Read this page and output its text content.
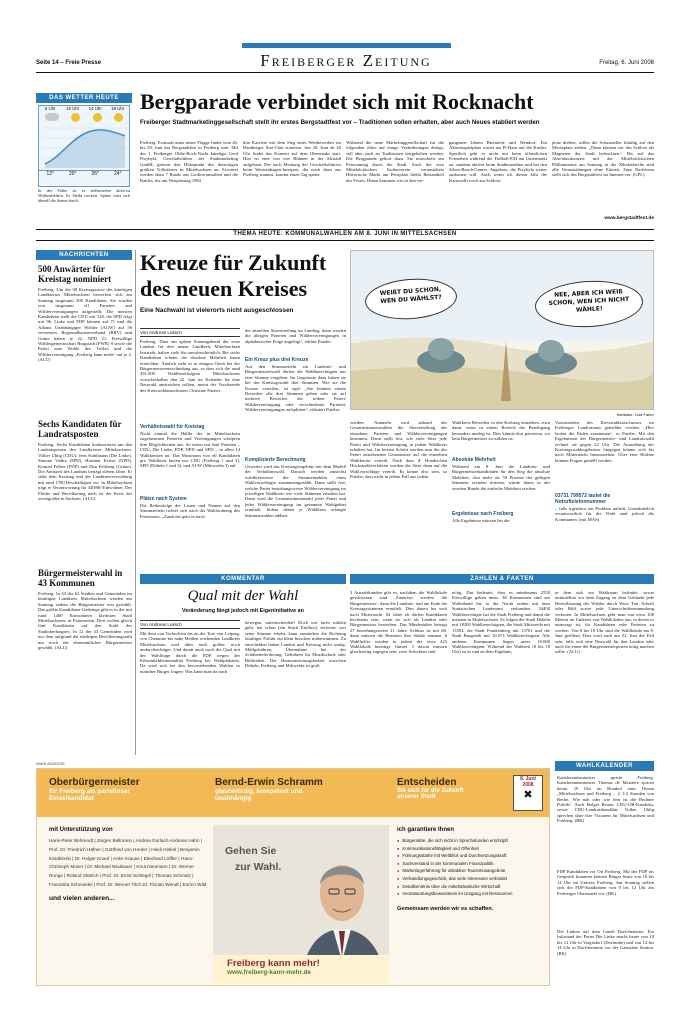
Seite 14 – Freie Presse	Freiberger Zeitung	Freitag, 6. Juni 2008
DAS WETTER HEUTE
6 Uhr	10 Uhr	14 Uhr	18 Uhr
12°	20°	26°	24°
In der Frühe ist es stellenweise dicht-zu Wolkenfeldern. Es bleibt trocken. Später setzt sich überall die Sonne durch.
Bergparade verbindet sich mit Rocknacht
Freiberger Stadtmarketinggesellschaft stellt ihr erstes Bergstadtfest vor – Traditionen sollen erhalten, aber auch Neues etabliert werden
Freiberg. Erstmals unter neuer Flagge findet vom 26. bis 29. Juni das Bergstadtfest in Freiberg statt. Mit der 1. Freiberger Oldie-Rock-Nacht kündigte Gerd Przybyla, Geschäftsführer der Stadtmarketing GmbH, gestern den Höhepunkt des derzeitigen größten Volksfestes in Mittelsachsen an. Erwartet werden dazu 7 Bands aus Großveranstalten und die Rattles, die am Neujahrstag 1963
ihre Karriere mit dem Sieg eines Wettbewerbes im Hamburger Star-Club starteten. Am 28. Juni ab 20 Uhr findet das Konzert auf dem Obermarkt statt. Hier ist eine von vier Bühnen in der Altstadt aufgebaut. Der nach Meinung des Geschäftsführers beim Westernhagen-Interpret, der noch dazu aus Freiberg stammt, kommt einen Tag später.
Während die neue Marketinggesellschaft für die folgenden Jahre auf einige Veränderungen drängt, soll aber auch an Traditionen festgehalten werden. Die Bergparade gehort dazu. Sie marschiert am Festsonntag durch die Stadt. Auch der vom Mittelalchischen Kulturverein veranstaltete Historische Markt am Petriplatz bleibt Bestandteil des Festes. Hinzu kommen wie in den ver-
gangenen Jahren Biermeile und Wendort. Ein Aktionsspielplatz wartet am Pi-Haus auf die Kinder. Sportlich geht es nicht nur beim öffentlichen Fernsehen während der Fußball-EM am Untermarkt zu, sondern aktiver beim Stadtmarathon und bei den Silver-Beach-Games. Angebote, die Przybyla weiter ausbauen will. Auch wenn ich diesen Jahr die Karussells noch am Schloss-
platz drehen, sollen die Schausteller künftig auf den Messeplatz ziehen. „Dann können wir das Schloss als Magneten der Stadt beleuchten.“ Bis auf das Abschlusskonzert mit der Mittelsächsischen Philharmonie am Sonntag in der Nikolaikirche sind alle Veranstaltungen ohne Eintritt. Zum Nachlesen stellt sich das Bergstadtfest im Internet vor. (GPL)
www.bergstadtfest.de
THEMA HEUTE: KOMMUNALWAHLEN AM 8. JUNI IN MITTELSACHSEN
NACHRICHTEN
500 Anwärter für Kreistag nominiert
Freiberg. Um die 98 Kreistagssitze des künftigen Landkreises Mittelsachsen bewerben sich am Sonntag insgesamt 500 Kandidaten. Sie wurden von insgesamt elf Parteien und Wählervereinigungen aufgestellt. Die meisten Kandidaten stellt die CDU mit 128, die SPD folgt mit 96, Linke und FDP können auf 71 und die Allianz Unabhängiger Wähler (AUW) auf 56 verweisen. Regionalbauernverband (RBV) und Grüne haben je 22, NPD 21, Freiwillige Wählergemeinschaft Burgstadt (FWB) 9 sowie die Partei zum Wohle des Volkes und die Wählervereinigung „Freiberg kann mehr“ auf je 2. (ALU)
Sechs Kandidaten für Landratsposten
Freiberg. Sechs Kandidaten konkurrieren um den Landratsposten des Landkreises Mittelsachsen: Volker Uhlig (CDU), Jens Stahlmann (Die Linke), Simone Vodka (SPD), Hartmut Kriese (NPD), Konrad Felber (FDP) und Dan Felsberg (Grüne). Die Amtszeit des Landrats beträgt sieben Jahre. Er steht dem Kreistag und der Landkreisverwaltung mit rund 1700 Beschäftigten vor. In Mittelsachsen trägt er Verantwortung für 340000 Einwohner. Der Fläche und Bevölkerung nach ist der Kreis der zweitgrößte in Sachsen. (ALU)
Bürgermeisterwahl in 43 Kommunen
Freiberg. In 43 der 63 Städten und Gemeinden im künftigen Landkreis Mittelsachsen werden am Sonntag zudem die Bürgermeister neu gewählt. Das größte Kandidaten-Gedränge gibt es in der mit rund 1400 Einwohnern kleinsten Stadt Mittelsachsens, in Frauenstein. Dort wollen gleich fünf Kandidaten auf den Stuhl des Stadtoberhauptes. In 12 der 43 Gemeinden wird nur dem aufgrund der niedrigen Bevölkerungszahl nur noch ein ehrenamtlicher Bürgermeister gewählt. (ALU)
Kreuze für Zukunft des neuen Kreises
Eine Nachwahl ist vielerorts nicht ausgeschlossen
Von Andreas Luksch
Freiberg. Dass am späten Sonntagabend der erste Landrat für den neuen Landkreis Mittelsachsen feststeht, halten viele für unwahrscheinlich. Bei sechs Kandidaten scheint die absolute Mehrheit kaum erreichbar. Ähnlich sieht es in einigen Orten bei der Bürgermeisterentscheidung aus, so dass sich die rund 291.000 Wahlberechtigten Mittelsachsens vorsichtshalber den 22. Juni im Kalender für eine Neuwahl anstreichen sollten, meint der Vorsitzende des Kreiswahlausschusses Christine Putzler.
Verhältniswahl für Kreistag
Nicht einmal die Hälfte der in Mittelsachsen zugelassenen Parteien und Vereinigungen schöpfen ihre Möglichkeiten aus. So treten nur fünf Parteien – CDU, Die Linke, FDP, NPD und SPD – in allen 14 Wahlkreisen an. Das Maximum von elf Kandidaten pro Wahlkreis bieten nur CDU (Freiberg 1 und 2), SPD (Döbeln 1 und 3), und AUW (Mittweida 3) auf.
Plätze nach System
Die Reihenfolge der Listen und Namen auf den Stimmzetteln richtet sich nach der Wahlordnung des Freistaates. „Zunächst geht es nach
der aktuellen Sitzverteilung im Landtag, dann werden die übrigen Parteien und Wählervereinigungen in alphabetischer Folge angefügt“, erklärt Putzler.
Ein Kreuz plus drei Kreuze
Auf den Stimmzetteln zur Landrats- und Bürgermeisterwahl dürfen die Wahlberechtigten nur eine Stimme vergeben. Im Gegensatz dazu haben sie bei der Kreistagswahl drei Stimmen. Wie sie die Kreuze verteilen, ist egal. „Sie können einem Bewerber alle drei Stimmen geben oder sie auf mehrere Bewerber der selben Partei/ Wählervereinigung oder verschiedener Parteien/ Wählervereinigungen aufsplitten“, erläutert Putzler.
Komplizierte Berechnung
Gewertet wird das Kreistagsergebnis mit dem Modell der Verhältniswahl. Danach werden zunächst wahlkreisweise die Stimmenzahlen eines Wahlvorschlages zusammengezählt. Dann stellt fest, welche Partei beziehungsweise Wählervereinigung im jeweiligen Wahlkreis wie viele Stimmen erhalten hat. Dann wird die Gesamtstimmenzahl jeder Partei und jeder Wählervereinigung im gesamten Wahlgebiet ermittelt. Indem denen je Wählkreis erlangte Stimmenzahlen addiert
WEIßT DU SCHON, WEN DU WÄHLST?
NEE, ABER ICH WEIß SCHON, WEN ICH NICHT WÄHLE!
Karikatur: Lutz Faber
werden. Nunmehr wird anhand der Gesamtstimmenzahlen die Sitzverteilung der einzelnen Parteien und Wählervereinigungen bestimmt. Dann stellt fest, wie viele Sitze jede Partei und Wählervereinigung in jedem Wahlkreis erhalten hat. Im letzten Schritt werden nun die der Partei zustehenden Gesamtsitze auf die einzelnen Wahlkreise verteilt. Nach dem d’ Hondtschen Höchstzahlverfahren werden die Sitze dann auf die Wahlvorschläge verteilt. Es könne also sein, so Putzler, dass nicht in jedem Fall aus jedem
Wahlkreis Bewerber in den Kreistag einziehen, etwa dann, wenn in einem Bereich die Beteiligung besonders niedrig ist. Dies könnte dort passieren, wo kein Bürgermeister zu wählen ist.
Absolute Mehrheit
Während am 8. Juni die Landrats- und Bürgermeisterkandidaten für den Sieg die absolute Mehrheit, also mehr als 50 Prozent der gültigen Stimmen erzielen müssen, würde ihnen in der zweiten Runde die einfache Mehrheit reichen.
Ergebnisse nach Freiberg
Alle Ergebnisse müssen bei der
Vorsitzenden des Kreiswahlausschusses im Freiberger Landratsamt gemeldet werden. „Hier laufen die Fäden zusammen“, so Putzler. Mit den Ergebnissen der Bürgermeister- und Landratswahl rechnet sie gegen 22 Uhr. Die Auszahlung der Kreistagswahlergebnisse hingegen könnte sich bis nach Mitternacht hinausziehen. Über eine Hotline können Fragen gestellt werden.
03731 799572 lautet die Notruftelefonnummer
– falls irgendwo ein Problem auftritt. Grundsätzlich verantwortlich für die Wahl sind jedoch die Kommunen. (mit MAS)
KOMMENTAR
Qual mit der Wahl
Veränderung fängt jedoch mit Eigeninitiative an
Von Andreas Luksch
Mit dem von Tschechien bis an die Tore von Leipzig, von Chemnitz bis nahe Meißen reichenden Landkreis Mittelsachsen wird alles noch größer, noch undurchsichtiger. Und damit auch noch die Qual mit der Wahlfrage durch die FDP wegen der Erbzemlählermentalität Freiberg bei Wahlplakaten. Da wird sich bei den bevorstehenden Wahlen so mancher Bürger fragen: Was kann man da noch
bewegen, mitentscheiden? Doch wer nicht wählen geht, hat schon (ein Stück Einfluss) verloren: wer seine Stimme erhebt, kann zumindest die Richtung künftiger Politik ein klein bisschen mitbestimmen. Zu entscheiden haben Landrat und Kreistag nicht wenig: Müllgebühren, Übernahme bei der Schülerbeförderung, Gebühren für Musikschule oder Bibliothek. Der Harmonisierungsbedarf zwischen Döbeln, Freiberg und Mittweida ist groß.
ZAHLEN & FAKTEN
3 Auszahlrunden gibt es, nachdem die Wahllokale geschlossen sind. Zunächst werden die Bürgermeister-, dann die Landrats- und am Ende die Kreistagsstimmen ermittelt. Dies dauert bis weit nach Mitternacht. 64 Jahre alt dürfen Kandidaten höchstens sein, wenn sie sich als Landrat oder Bürgermeister bewerben. Das Mindestalter beträgt 27 beziehungsweise 21 Jahre. Schluss ist mit 68, dann müssen die Beamten ihre Stühle räumen. 6 Wahlhelfer werden in jedem der etwa 425 Wahllokale benötigt. Immer 3 davon müssen gleichzeitig zugegen sein, zwei Schichten sind
nötig. Das bedeutet, dass es mindestens 2550 Freiwillige geben muss. 38 Kommunen sind am Wahlabend bis in die Nacht online mit dem Statistischen Landesamt verbunden. 34400 Wahlberechtigte hat die Stadt Freiberg und damit die meisten in Mittelsachsen. Es folgen die Stadt Döbeln mit 18200 Wahlberechtigten, die Stadt Mittweida mit 13504, die Stadt Frankenberg mit 13761 und die Stadt Burgstädt mit 10.073 Wahlberechtigten. Alle anderen Kommunen liegen unter 10.000 Wahlberechtigten. Während der Wahlzeit (8 bis 18 Uhr) ist es und an dem Ergebnis,
in dem sich ein Wahlraum befindet, sowie unmittelbar vor dem Zugang zu dem Gebäude jede Beeinflussung der Wähler durch Wort, Ton, Schrift oder Bild sowie jede Unterschriftensammlung verboten. In Mittelsachsen geht man von etwa 100 Metern im Umkreis von Wahllokalen aus, in denen es untersagt ist, für Kandidaten oder Parteien zu werben. Von 8 bis 18 Uhr sind die Wahllokale am 8. Juni geöffnet. Dies wird auch am 22. Juni der Fall sein, falls sich eine Neuwahl für den Landrat oder auch für einen der Bürgermeisterposten nötig machen sollte. (ALU)
WAHLANZEIGE
Oberbürgermeister
für Freiberg als parteiloser
Einzelkandidat
Bernd-Erwin Schramm
glaubwürdig, kompetent und
unabhängig
Entscheiden
Sie sich für die Zukunft
unserer Stadt
8. Juni 2008
✖
mit Unterstützung von
Hans-Peter Behrendt | Jürgen Bellmann | Andrea Gorlach Andreas Hahn | Prof. Dr. Friedrich Häfner | Gottfried von Herder | Heidi Hinkel | Benjamin Karabinski | Dr. Holger Knauf | Anke Krause | Eberhard Löffler | Hans-Christoph Moser | Dr. Michael Neubauer | Knut Neumann | Dr. Werner Runge | Roland Skärich | Prof. Dr. Ernst Schlegel | Thomas Schmalz | Franziska Schmiedel | Prof. Dr. Werner Tilch Dr. Florian Wendt | Enrico Wild
und vielen anderen...
Gehen Sie
zur Wahl.
Freiberg kann mehr!
www.freiberg-kann-mehr.de
ich garantiere Ihnen
● Bürgernähe, die sich nicht in Sprechstunden erschöpft
● Kommunikationsfähigkeit und Offenheit
● Führungsstärke mit Weitblick und Durchsetzungskraft
● Sachverstand in der kommunalen Finanzpolitik
● Marketingerfahrung für attraktive Tourismusangebote
● Verhandlungsgeschick, das viele Interessen verbindet
● Detailkenntnis über die mittelständische Wirtschaft
● Verantwortungsbewusstsein im Umgang mit Ressourcen
Gemeinsam werden wir es schaffen.
WAHLKALENDER
Kanzleramtsminister spricht Freiberg. Kanzleramtsminister Thomas de Maizière spricht heute, 19 Uhr im Brauhof zum Thema „Mittelsachsen und Freiberg – 2 1/2 Stunden von Berlin. Wie nah oder wie fern ist die Berliner Politik“. Auch Holger Reuter, CDU-OB-Kandidat, sowie CDU-Landratskandidat Volker Uhlig sprechen über ihre Visionen für Mittelsachsen und Freiberg. (BK)
FDP Kandidaten vor Ort Freiberg. Mit der FDP ins Gespräch kommen können Bürger heute von 10 bis 14 Uhr im Unicent Freiberg. Am Sonntag stellen sich die FDP-Kandidaten von 9 bis 12 Uhr am Freiberger Obermarkt vor. (BK)
Die Linken auf dem Lande Dorfchemnitz. Ein Infostand der Partei Die Linke macht heute von 10 bis 12 Uhr in Voigtsdorf (Dorfmitte) und von 12 bis 14 Uhr in Dorfchemnitz vor der Gaststätte Station. (BK)
